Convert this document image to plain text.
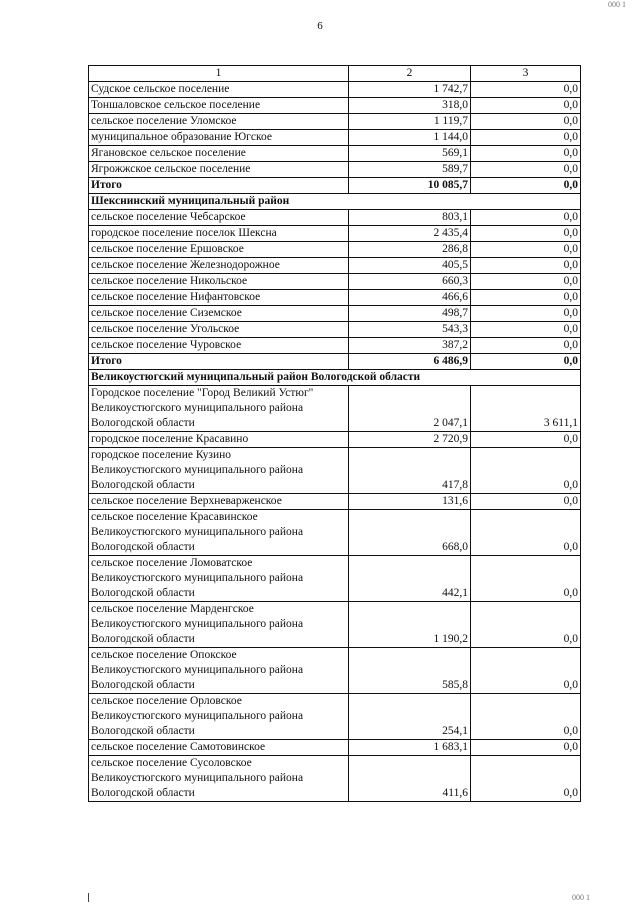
6
000 1
000 1
1	2	3
Судское сельское поселение	1 742,7	0,0
Тоншаловское сельское поселение	318,0	0,0
сельское поселение Уломское	1 119,7	0,0
муниципальное образование Югское	1 144,0	0,0
Ягановское сельское поселение	569,1	0,0
Ягрожжское сельское поселение	589,7	0,0
Итого	10 085,7	0,0
Шекснинский муниципальный район		
сельское поселение Чебсарское	803,1	0,0
городское поселение поселок Шексна	2 435,4	0,0
сельское поселение Ершовское	286,8	0,0
сельское поселение Железнодорожное	405,5	0,0
сельское поселение Никольское	660,3	0,0
сельское поселение Нифантовское	466,6	0,0
сельское поселение Сиземское	498,7	0,0
сельское поселение Угольское	543,3	0,0
сельское поселение Чуровское	387,2	0,0
Итого	6 486,9	0,0
Великоустюгский муниципальный район Вологодской области		

Городское поселение "Город Великий Устюг"
Великоустюгского муниципального района
Вологодской области	2 047,1	3 611,1
городское поселение Красавино	2 720,9	0,0

городское поселение Кузино
Великоустюгского муниципального района
Вологодской области	417,8	0,0
сельское поселение Верхневарженское	131,6	0,0

сельское поселение Красавинское
Великоустюгского муниципального района
Вологодской области	668,0	0,0

сельское поселение Ломоватское
Великоустюгского муниципального района
Вологодской области	442,1	0,0

сельское поселение Марденгское
Великоустюгского муниципального района
Вологодской области	1 190,2	0,0

сельское поселение Опокское
Великоустюгского муниципального района
Вологодской области	585,8	0,0

сельское поселение Орловское
Великоустюгского муниципального района
Вологодской области	254,1	0,0
сельское поселение Самотовинское	1 683,1	0,0

сельское поселение Сусоловское
Великоустюгского муниципального района
Вологодской области	411,6	0,0
